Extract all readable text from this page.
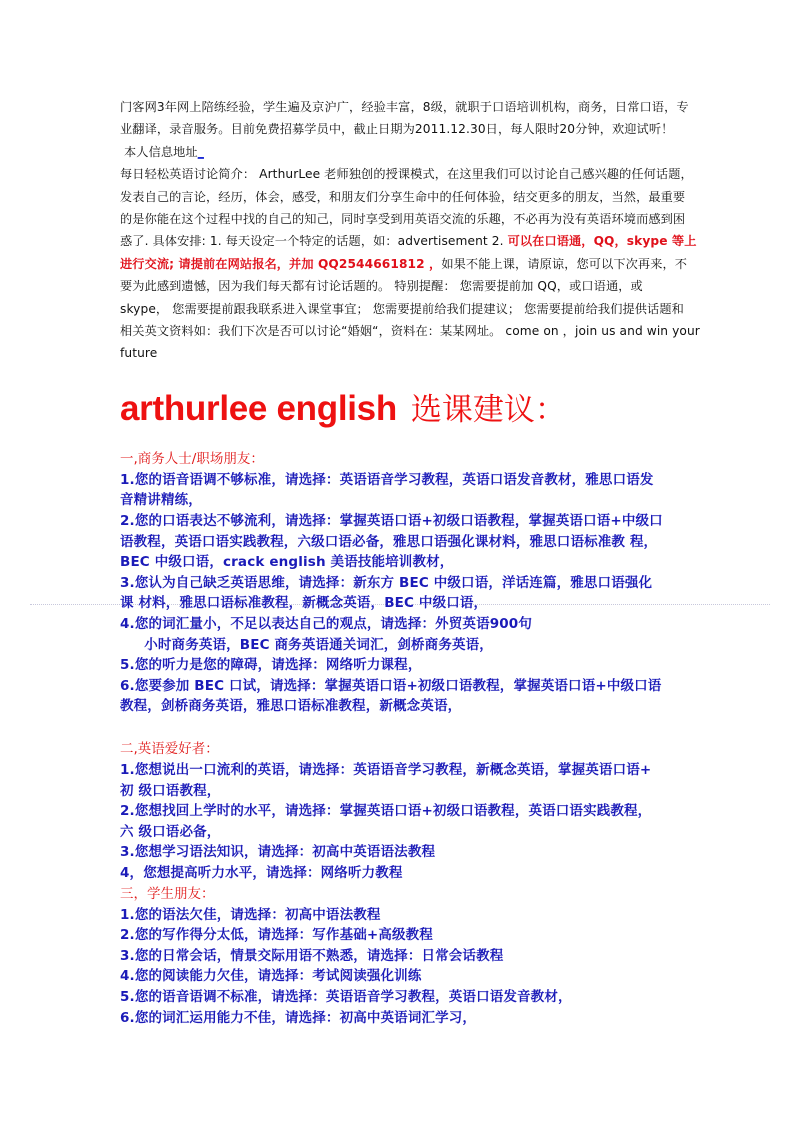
门客网3年网上陪练经验，学生遍及京沪广，经验丰富，8级，就职于口语培训机构，商务，日常口语，专
业翻译，录音服务。目前免费招募学员中，截止日期为2011.12.30日，每人限时20分钟，欢迎试听！
本人信息地址_
每日轻松英语讨论简介： ArthurLee 老师独创的授课模式，在这里我们可以讨论自己感兴趣的任何话题，
发表自己的言论，经历，体会，感受，和朋友们分享生命中的任何体验，结交更多的朋友，当然，最重要
的是你能在这个过程中找的自己的知己，同时享受到用英语交流的乐趣，不必再为没有英语环境而感到困
惑了. 具体安排: 1. 每天设定一个特定的话题，如：advertisement 2. 可以在口语通，QQ，skype 等上
进行交流; 请提前在网站报名，并加 QQ2544661812 ，如果不能上课，请原谅，您可以下次再来，不
要为此感到遗憾，因为我们每天都有讨论话题的。 特别提醒： 您需要提前加 QQ，或口语通，或
skype， 您需要提前跟我联系进入课堂事宜； 您需要提前给我们提建议； 您需要提前给我们提供话题和
相关英文资料如：我们下次是否可以讨论“婚姻“，资料在：某某网址。 come on ，join us and win your
future
arthurlee english 选课建议：
一,商务人士/职场朋友：
1.您的语音语调不够标准，请选择：英语语音学习教程，英语口语发音教材，雅思口语发
音精讲精练，
2.您的口语表达不够流利，请选择：掌握英语口语+初级口语教程，掌握英语口语+中级口
语教程，英语口语实践教程，六级口语必备，雅思口语强化课材料，雅思口语标准教 程，
BEC 中级口语，crack english 美语技能培训教材，
3.您认为自己缺乏英语思维，请选择：新东方 BEC 中级口语，洋话连篇，雅思口语强化
课 材料，雅思口语标准教程，新概念英语，BEC 中级口语，
4.您的词汇量小，不足以表达自己的观点，请选择：外贸英语900句
小时商务英语，BEC 商务英语通关词汇，剑桥商务英语，
5.您的听力是您的障碍，请选择：网络听力课程，
6.您要参加 BEC 口试，请选择：掌握英语口语+初级口语教程，掌握英语口语+中级口语
教程，剑桥商务英语，雅思口语标准教程，新概念英语，
二,英语爱好者：
1.您想说出一口流利的英语，请选择：英语语音学习教程，新概念英语，掌握英语口语+
初 级口语教程，
2.您想找回上学时的水平，请选择：掌握英语口语+初级口语教程，英语口语实践教程，
六 级口语必备，
3.您想学习语法知识，请选择：初高中英语语法教程
4，您想提高听力水平，请选择：网络听力教程
三，学生朋友：
1.您的语法欠佳，请选择：初高中语法教程
2.您的写作得分太低，请选择：写作基础+高级教程
3.您的日常会话，情景交际用语不熟悉，请选择：日常会话教程
4.您的阅读能力欠佳，请选择：考试阅读强化训练
5.您的语音语调不标准，请选择：英语语音学习教程，英语口语发音教材，
6.您的词汇运用能力不佳，请选择：初高中英语词汇学习，
